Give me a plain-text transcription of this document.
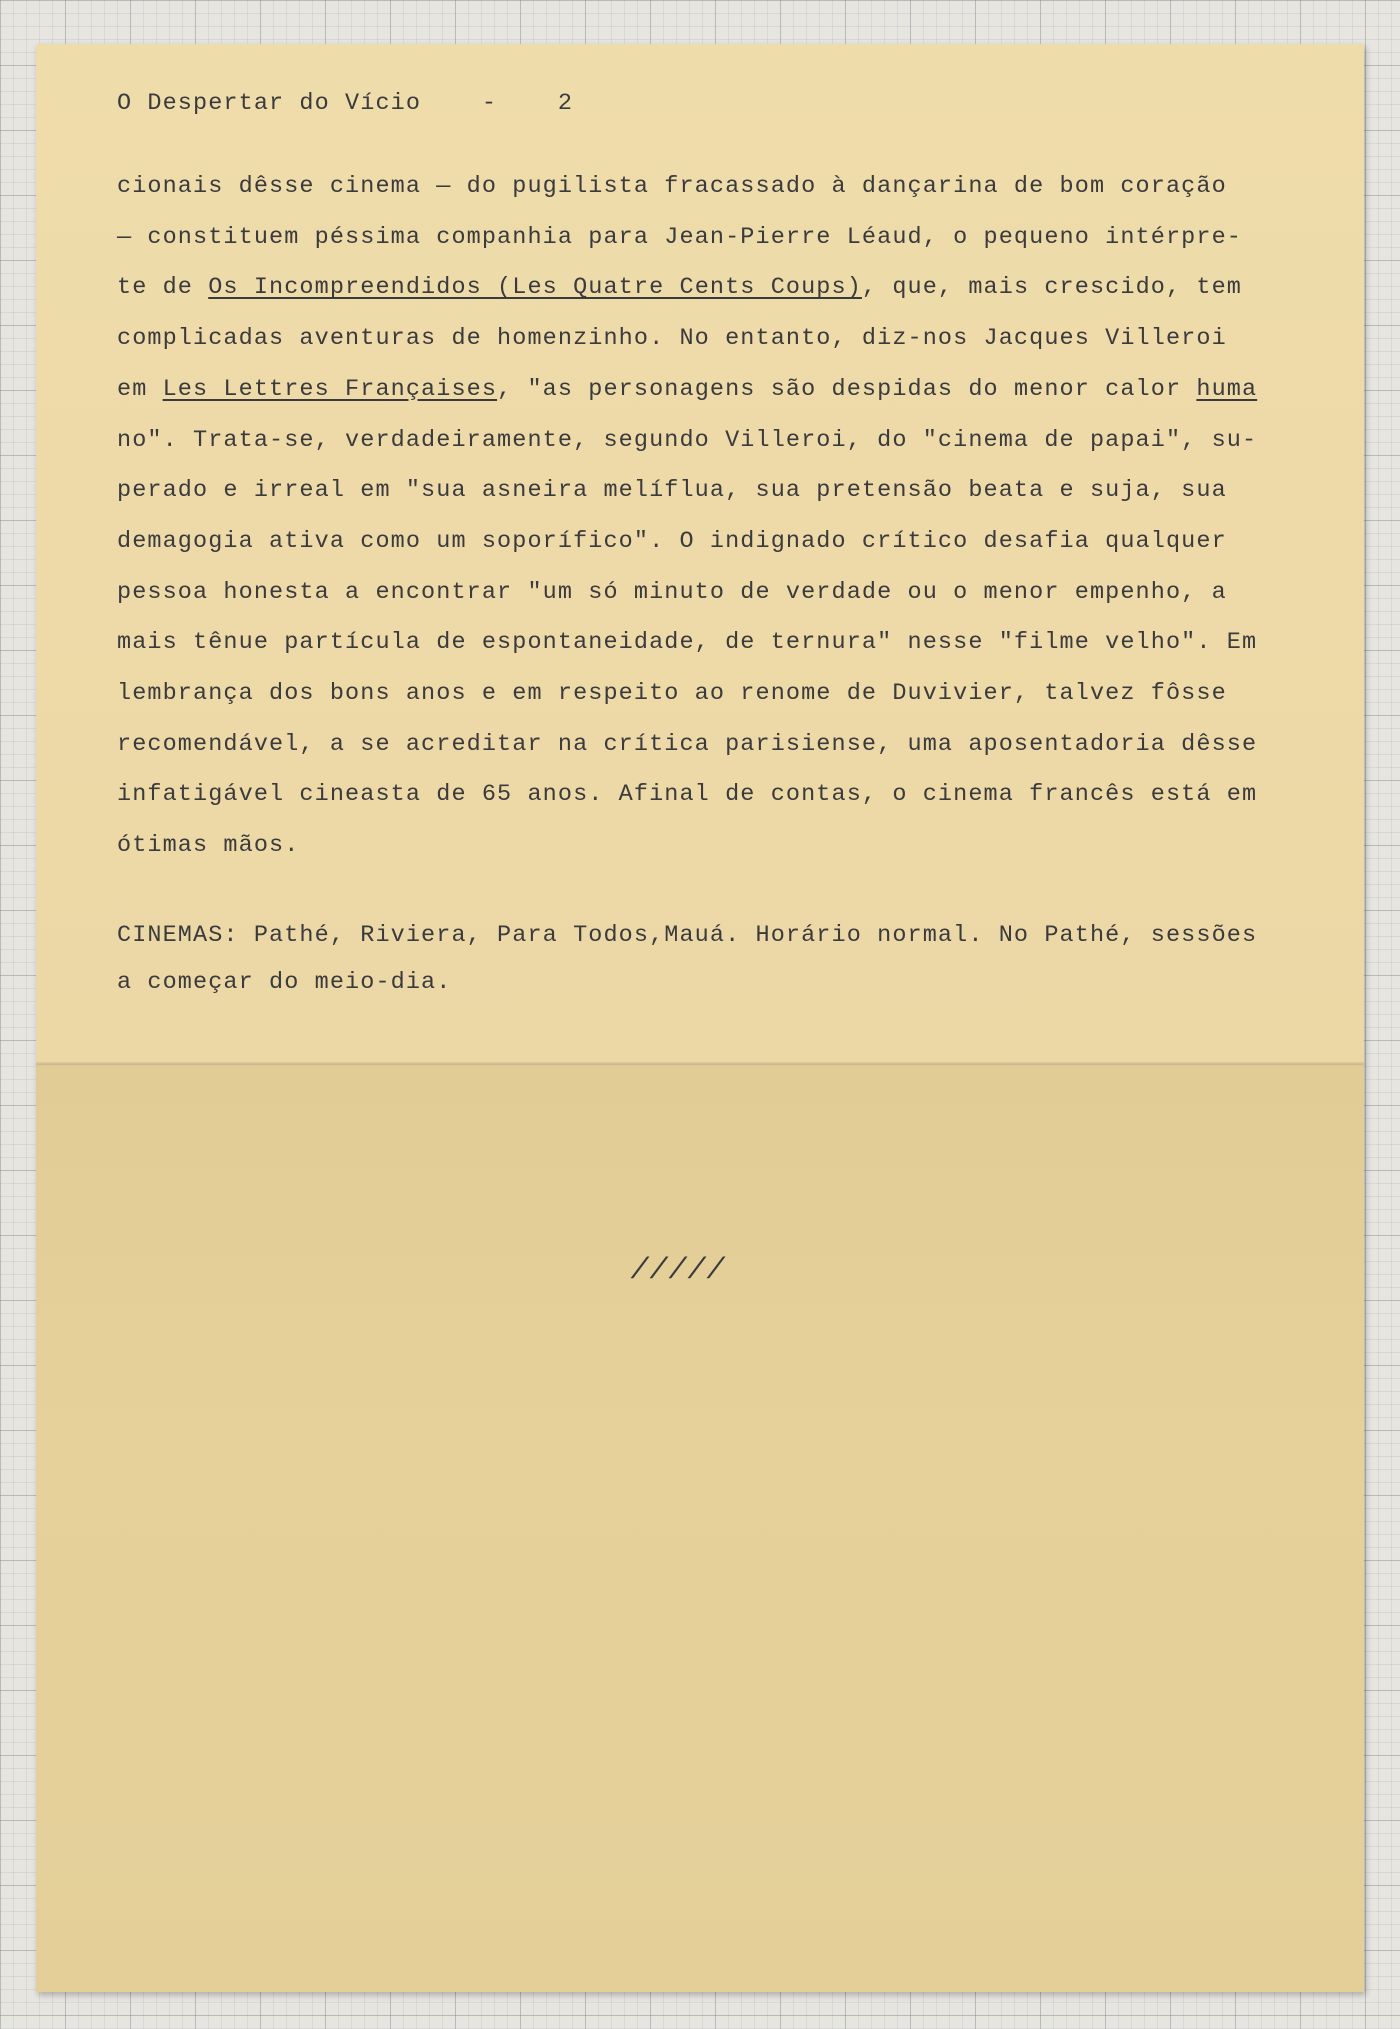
O Despertar do Vício	-	2
cionais dêsse cinema — do pugilista fracassado à dançarina de bom coração
— constituem péssima companhia para Jean-Pierre Léaud, o pequeno intérpre-
te de Os Incompreendidos (Les Quatre Cents Coups), que, mais crescido, tem
complicadas aventuras de homenzinho. No entanto, diz-nos Jacques Villeroi
em Les Lettres Françaises, "as personagens são despidas do menor calor huma
no". Trata-se, verdadeiramente, segundo Villeroi, do "cinema de papai", su-
perado e irreal em "sua asneira melíflua, sua pretensão beata e suja, sua
demagogia ativa como um soporífico". O indignado crítico desafia qualquer
pessoa honesta a encontrar "um só minuto de verdade ou o menor empenho, a
mais tênue partícula de espontaneidade, de ternura" nesse "filme velho". Em
lembrança dos bons anos e em respeito ao renome de Duvivier, talvez fôsse
recomendável, a se acreditar na crítica parisiense, uma aposentadoria dêsse
infatigável cineasta de 65 anos. Afinal de contas, o cinema francês está em
ótimas mãos.
CINEMAS: Pathé, Riviera, Para Todos,Mauá. Horário normal. No Pathé, sessões
a começar do meio-dia.
/////
